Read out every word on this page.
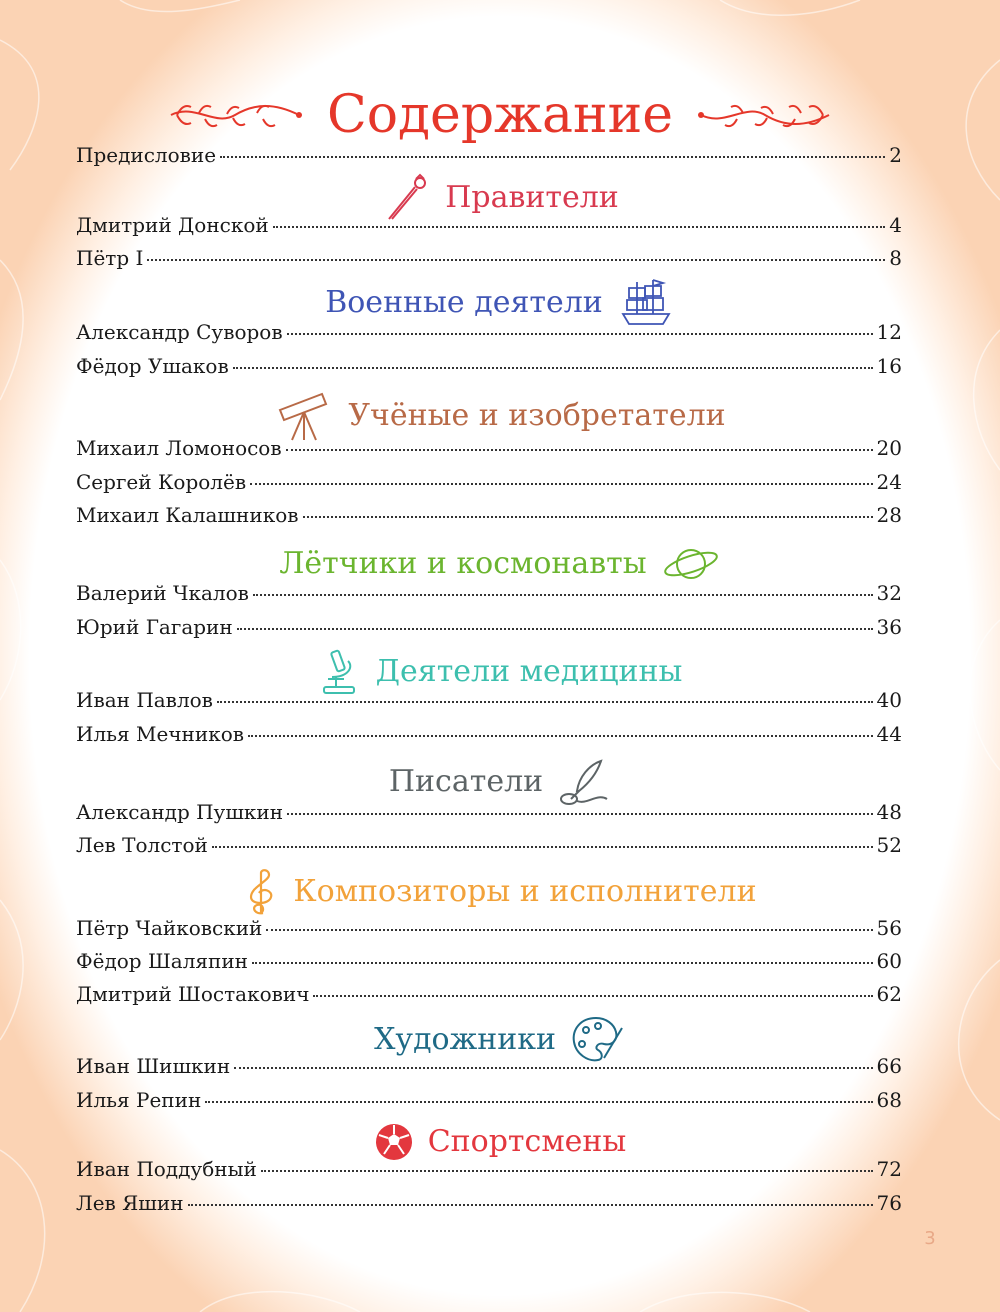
Содержание
Предисловие	2
Правители
Дмитрий Донской	4
Пётр I	8
Военные деятели
Александр Суворов	12
Фёдор Ушаков	16
Учёные и изобретатели
Михаил Ломоносов	20
Сергей Королёв	24
Михаил Калашников	28
Лётчики и космонавты
Валерий Чкалов	32
Юрий Гагарин	36
Деятели медицины
Иван Павлов	40
Илья Мечников	44
Писатели
Александр Пушкин	48
Лев Толстой	52
Композиторы и исполнители
Пётр Чайковский	56
Фёдор Шаляпин	60
Дмитрий Шостакович	62
Художники
Иван Шишкин	66
Илья Репин	68
Спортсмены
Иван Поддубный	72
Лев Яшин	76
3
